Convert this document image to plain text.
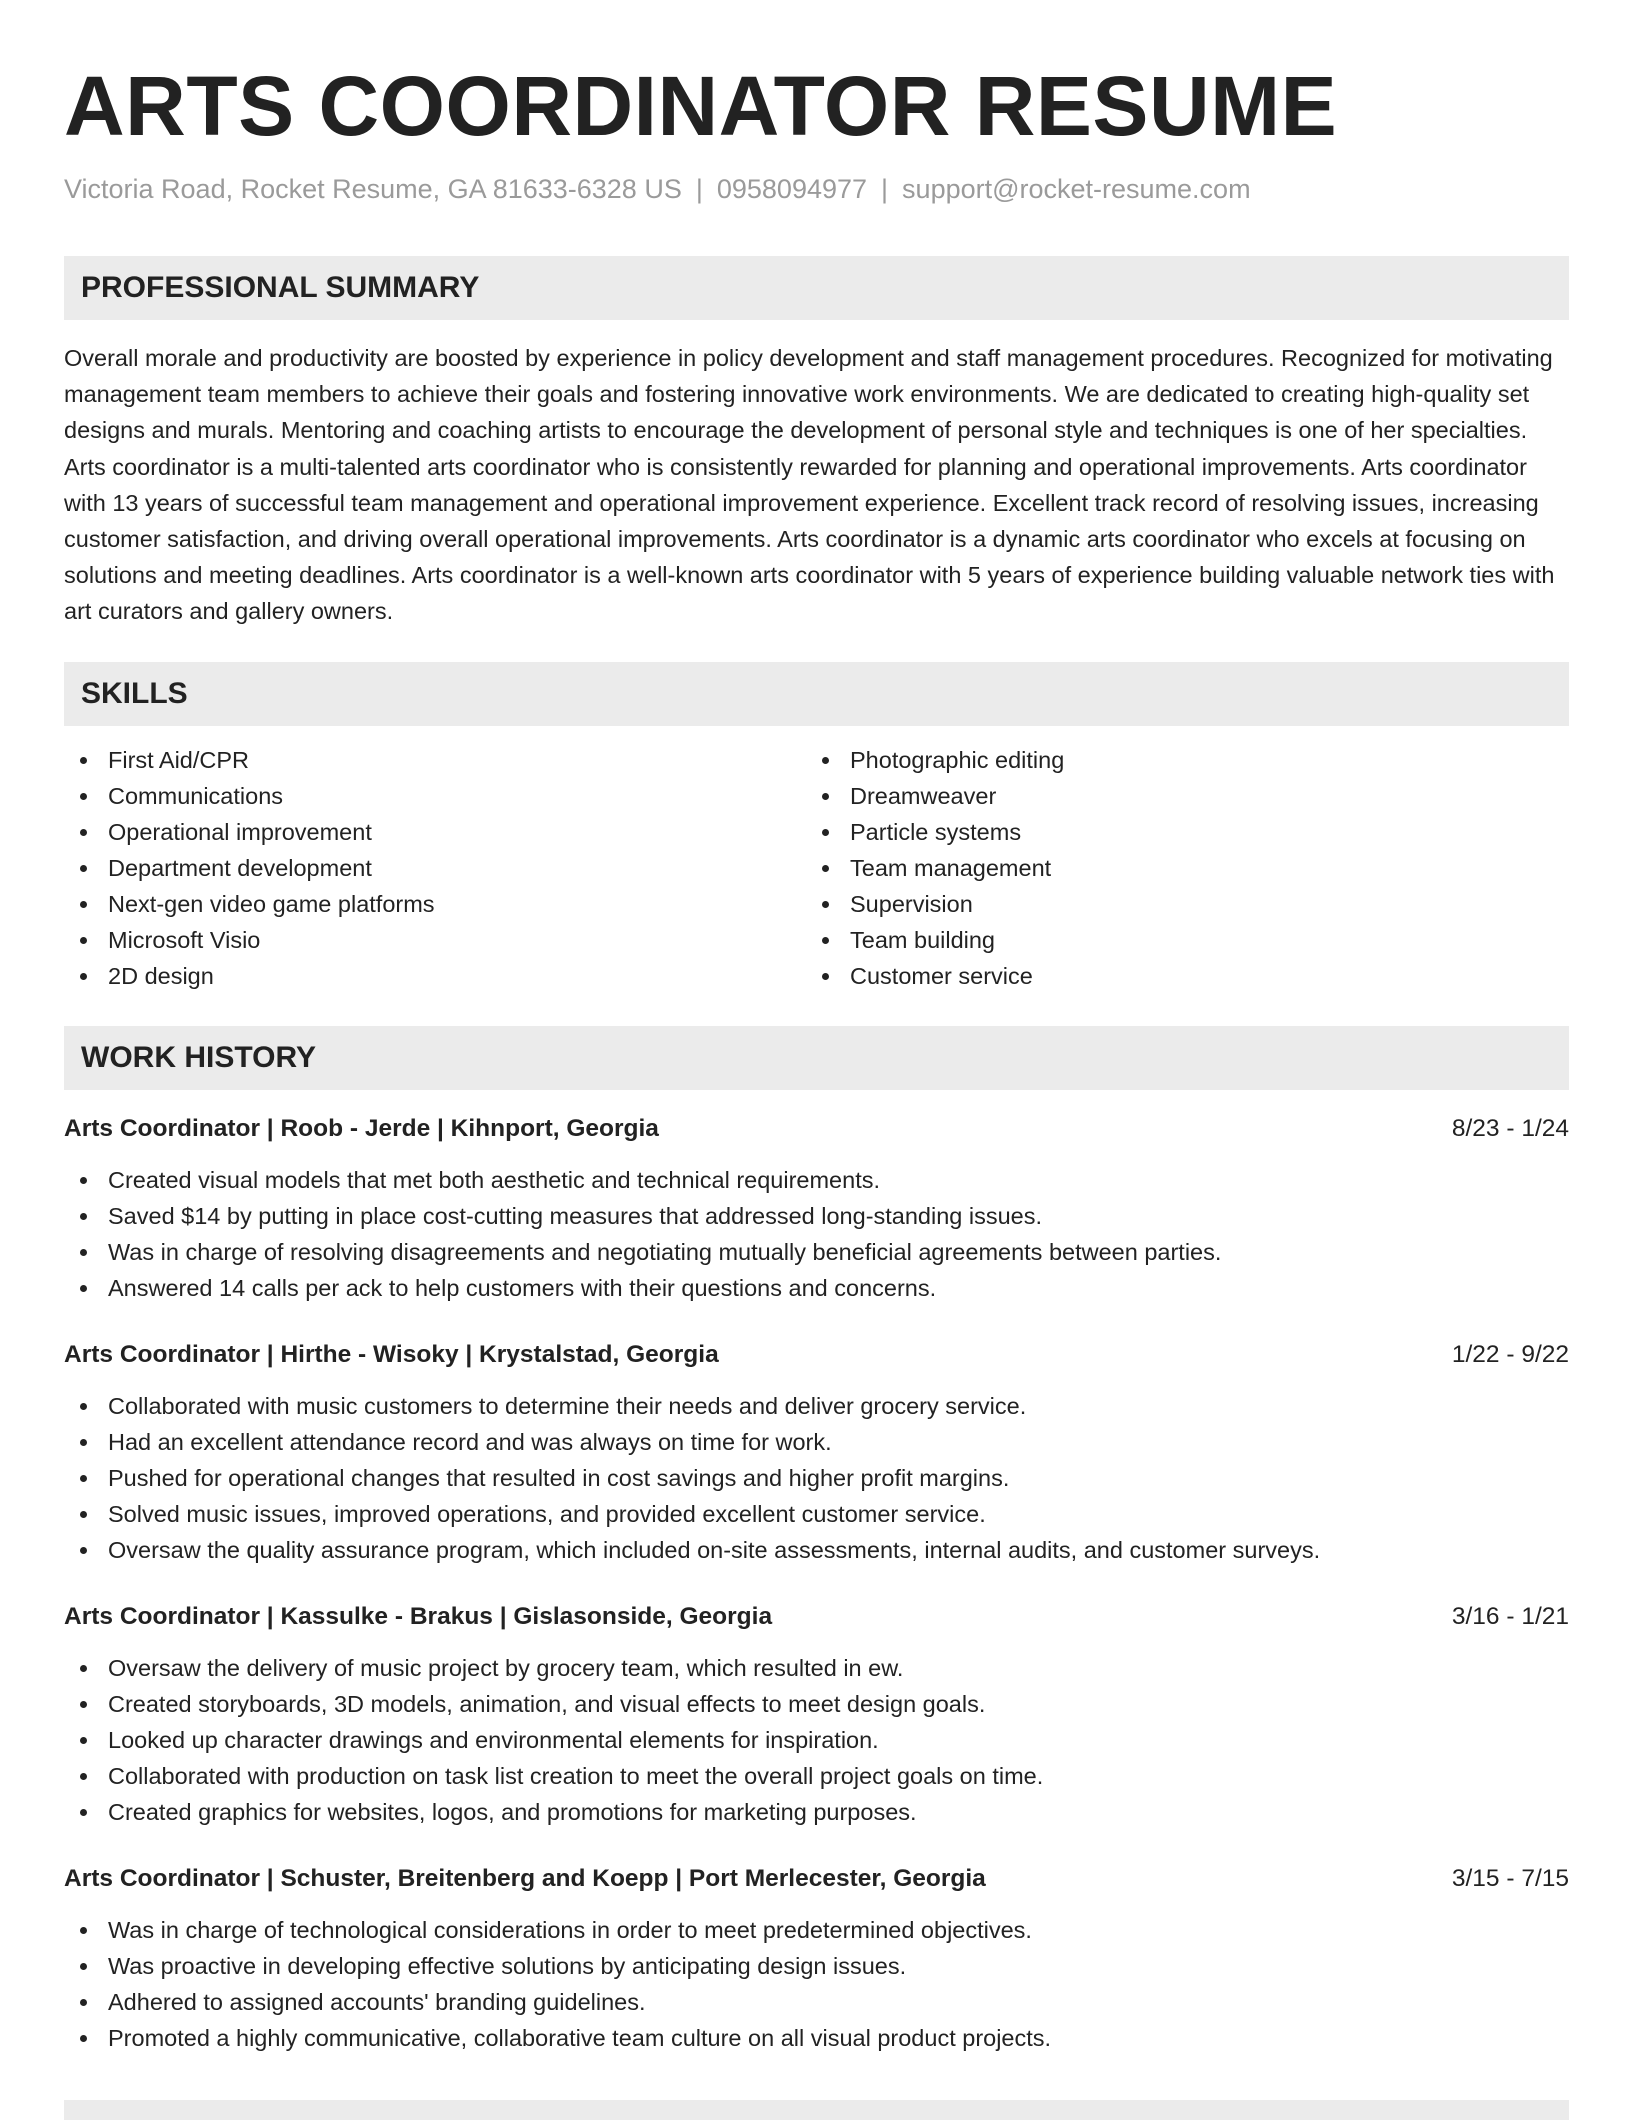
ARTS COORDINATOR RESUME
Victoria Road, Rocket Resume, GA 81633-6328 US | 0958094977 | support@rocket-resume.com
PROFESSIONAL SUMMARY

Overall morale and productivity are boosted by experience in policy development and staff management procedures. Recognized for motivating management team members to achieve their goals and fostering innovative work environments. We are dedicated to creating high-quality set designs and murals. Mentoring and coaching artists to encourage the development of personal style and techniques is one of her specialties. Arts coordinator is a multi-talented arts coordinator who is consistently rewarded for planning and operational improvements. Arts coordinator with 13 years of successful team management and operational improvement experience. Excellent track record of resolving issues, increasing customer satisfaction, and driving overall operational improvements. Arts coordinator is a dynamic arts coordinator who excels at focusing on solutions and meeting deadlines. Arts coordinator is a well-known arts coordinator with 5 years of experience building valuable network ties with art curators and gallery owners.

SKILLS
First Aid/CPR
Communications
Operational improvement
Department development
Next-gen video game platforms
Microsoft Visio
2D design
Photographic editing
Dreamweaver
Particle systems
Team management
Supervision
Team building
Customer service
WORK HISTORY
Arts Coordinator | Roob - Jerde | Kihnport, Georgia	8/23 - 1/24
Created visual models that met both aesthetic and technical requirements.
Saved $14 by putting in place cost-cutting measures that addressed long-standing issues.
Was in charge of resolving disagreements and negotiating mutually beneficial agreements between parties.
Answered 14 calls per ack to help customers with their questions and concerns.
Arts Coordinator | Hirthe - Wisoky | Krystalstad, Georgia	1/22 - 9/22
Collaborated with music customers to determine their needs and deliver grocery service.
Had an excellent attendance record and was always on time for work.
Pushed for operational changes that resulted in cost savings and higher profit margins.
Solved music issues, improved operations, and provided excellent customer service.
Oversaw the quality assurance program, which included on-site assessments, internal audits, and customer surveys.
Arts Coordinator | Kassulke - Brakus | Gislasonside, Georgia	3/16 - 1/21
Oversaw the delivery of music project by grocery team, which resulted in ew.
Created storyboards, 3D models, animation, and visual effects to meet design goals.
Looked up character drawings and environmental elements for inspiration.
Collaborated with production on task list creation to meet the overall project goals on time.
Created graphics for websites, logos, and promotions for marketing purposes.
Arts Coordinator | Schuster, Breitenberg and Koepp | Port Merlecester, Georgia	3/15 - 7/15
Was in charge of technological considerations in order to meet predetermined objectives.
Was proactive in developing effective solutions by anticipating design issues.
Adhered to assigned accounts' branding guidelines.
Promoted a highly communicative, collaborative team culture on all visual product projects.
